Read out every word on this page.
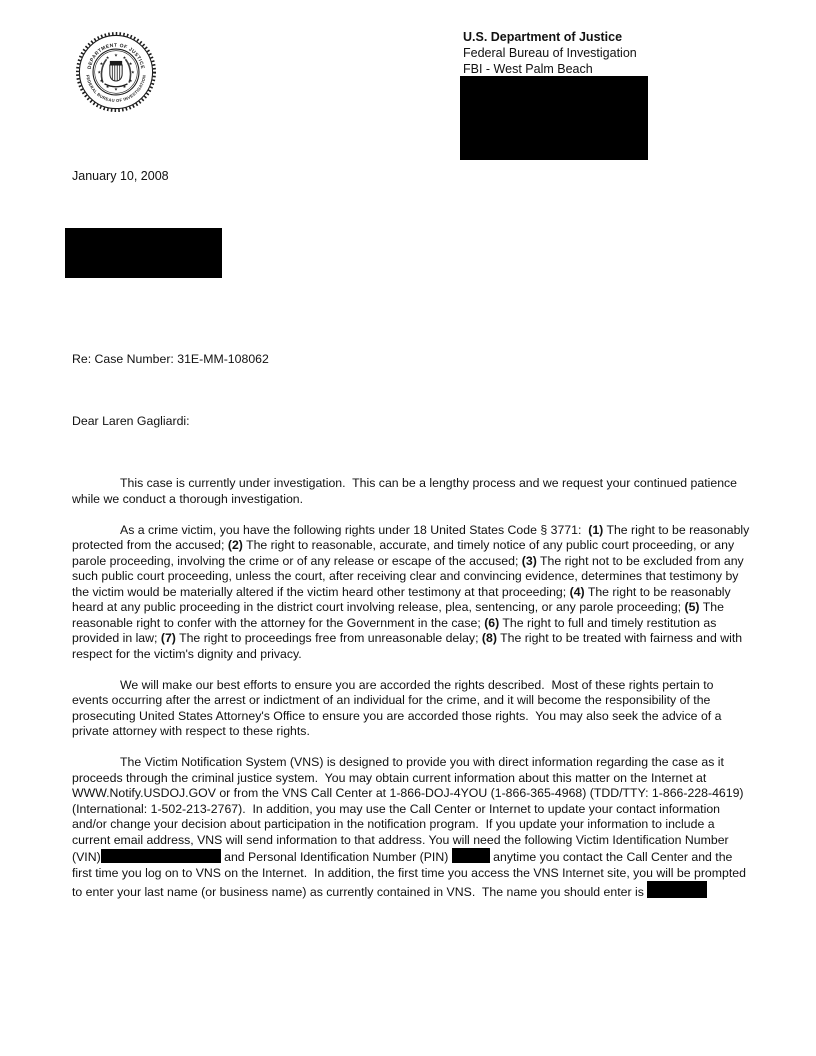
DEPARTMENT OF JUSTICE
FEDERAL BUREAU OF INVESTIGATION
★
★
★
★
★
★
★
★
★ ★ ★
★
U.S. Department of Justice
Federal Bureau of Investigation
FBI - West Palm Beach
January 10, 2008

Re: Case Number: 31E-MM-108062

Dear Laren Gagliardi:

This case is currently under investigation.  This can be a lengthy process and we request your continued patience while we conduct a thorough investigation.

As a crime victim, you have the following rights under 18 United States Code § 3771:  (1) The right to be reasonably protected from the accused; (2) The right to reasonable, accurate, and timely notice of any public court proceeding, or any parole proceeding, involving the crime or of any release or escape of the accused; (3) The right not to be excluded from any such public court proceeding, unless the court, after receiving clear and convincing evidence, determines that testimony by the victim would be materially altered if the victim heard other testimony at that proceeding; (4) The right to be reasonably heard at any public proceeding in the district court involving release, plea, sentencing, or any parole proceeding; (5) The reasonable right to confer with the attorney for the Government in the case; (6) The right to full and timely restitution as provided in law; (7) The right to proceedings free from unreasonable delay; (8) The right to be treated with fairness and with respect for the victim's dignity and privacy.

We will make our best efforts to ensure you are accorded the rights described.  Most of these rights pertain to events occurring after the arrest or indictment of an individual for the crime, and it will become the responsibility of the prosecuting United States Attorney's Office to ensure you are accorded those rights.  You may also seek the advice of a private attorney with respect to these rights.

The Victim Notification System (VNS) is designed to provide you with direct information regarding the case as it proceeds through the criminal justice system.  You may obtain current information about this matter on the Internet at WWW.Notify.USDOJ.GOV or from the VNS Call Center at 1-866-DOJ-4YOU (1-866-365-4968) (TDD/TTY: 1-866-228-4619) (International: 1-502-213-2767).  In addition, you may use the Call Center or Internet to update your contact information and/or change your decision about participation in the notification program.  If you update your information to include a current email address, VNS will send information to that address. You will need the following Victim Identification Number (VIN)	and Personal Identification Number (PIN)	anytime you contact the Call Center and the first time you log on to VNS on the Internet.  In addition, the first time you access the VNS Internet site, you will be prompted to enter your last name (or business name) as currently contained in VNS.  The name you should enter is
